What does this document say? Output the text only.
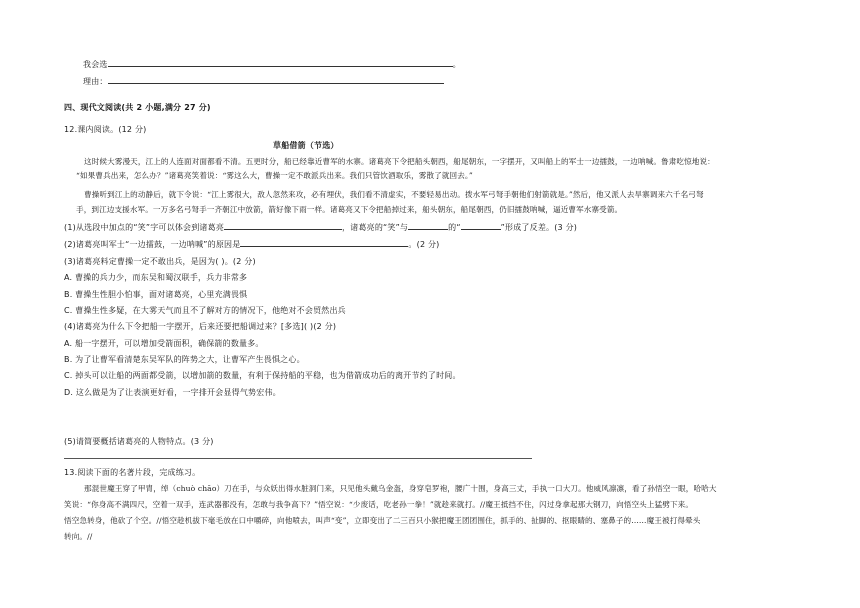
我会选	。
理由：
四、现代文阅读(共 2 小题,满分 27 分)
12.课内阅读。(12 分)
草船借箭（节选）
这时候大雾漫天，江上的人连面对面都看不清。五更时分，船已经靠近曹军的水寨。诸葛亮下令把船头朝西，船尾朝东，一字摆开，又叫船上的军士一边擂鼓，一边呐喊。鲁肃吃惊地说：
“如果曹兵出来，怎么办？”诸葛亮笑着说：“雾这么大，曹操一定不敢派兵出来。我们只管饮酒取乐，雾散了就回去。”
曹操听到江上的动静后，就下令说：“江上雾很大，敌人忽然来攻，必有埋伏，我们看不清虚实，不要轻易出动。拨水军弓弩手朝他们射箭就是。”然后，他又派人去旱寨调来六千名弓弩
手，到江边支援水军。一万多名弓弩手一齐朝江中放箭，箭好像下雨一样。诸葛亮又下令把船掉过来，船头朝东，船尾朝西，仍旧擂鼓呐喊，逼近曹军水寨受箭。
(1)从选段中加点的“笑”字可以体会到诸葛亮	，诸葛亮的“笑”与	的“	”形成了反差。(3 分)
(2)诸葛亮叫军士“一边擂鼓，一边呐喊”的原因是	。(2 分)
(3)诸葛亮料定曹操一定不敢出兵，是因为( )。(2 分)
A. 曹操的兵力少，而东吴和蜀汉联手，兵力非常多
B. 曹操生性胆小怕事，面对诸葛亮，心里充满畏惧
C. 曹操生性多疑，在大雾天气而且不了解对方的情况下，他绝对不会贸然出兵
(4)诸葛亮为什么下令把船一字摆开，后来还要把船调过来？[多选]( )(2 分)
A. 船一字摆开，可以增加受箭面积，确保箭的数量多。
B. 为了让曹军看清楚东吴军队的阵势之大，让曹军产生畏惧之心。
C. 掉头可以让船的两面都受箭，以增加箭的数量，有利于保持船的平稳，也为借箭成功后的离开节约了时间。
D. 这么做是为了让表演更好看，一字排开会显得气势宏伟。
(5)请简要概括诸葛亮的人物特点。(3 分)
13.阅读下面的名著片段，完成练习。
那混世魔王穿了甲胄，绰（chuò chāo）刀在手，与众妖出得水脏洞门来，只见他头戴乌金盔，身穿皂罗袍，腰广十围，身高三丈，手执一口大刀。他威风凛凛，看了孙悟空一眼，哈哈大
笑说：“你身高不满四尺，空着一双手，连武器都没有，怎敢与我争高下？”悟空说：“少废话，吃老孙一拳！”就趁来就打。//魔王抵挡不住，闪过身拿起那大钢刀，向悟空头上猛劈下来。
悟空急转身，他砍了个空。//悟空趁机拔下毫毛放在口中嚼碎，向他喷去，叫声“变”，立即变出了二三百只小猴把魔王团团围住，抓手的、扯脚的、抠眼睛的、塞鼻子的……魔王被打得晕头
转向。//
